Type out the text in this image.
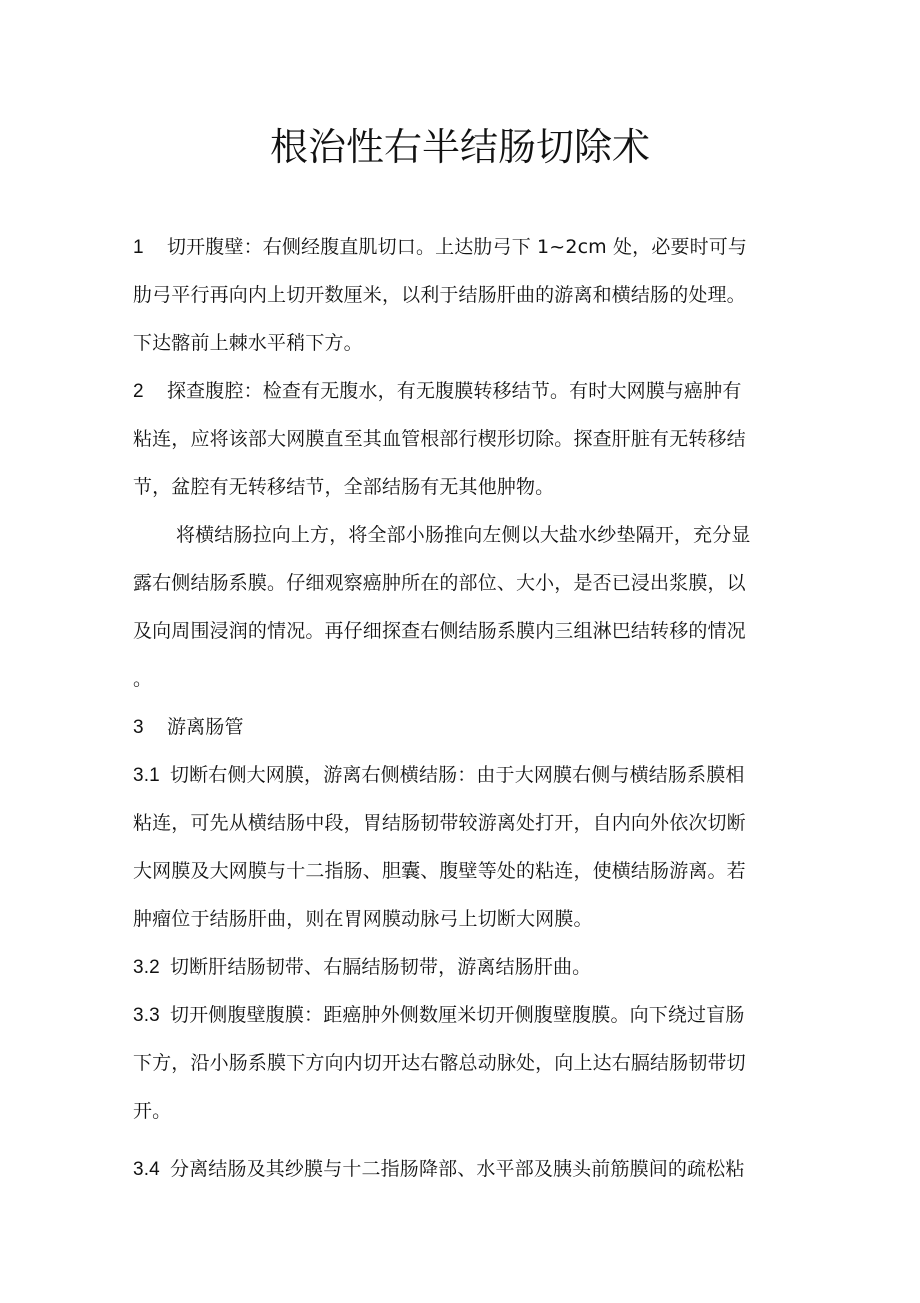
根治性右半结肠切除术
1 切开腹壁：右侧经腹直肌切口。上达肋弓下 1~2cm 处，必要时可与
肋弓平行再向内上切开数厘米，以利于结肠肝曲的游离和横结肠的处理。
下达髂前上棘水平稍下方。
2 探查腹腔：检查有无腹水，有无腹膜转移结节。有时大网膜与癌肿有
粘连，应将该部大网膜直至其血管根部行楔形切除。探查肝脏有无转移结
节，盆腔有无转移结节，全部结肠有无其他肿物。
将横结肠拉向上方，将全部小肠推向左侧以大盐水纱垫隔开，充分显
露右侧结肠系膜。仔细观察癌肿所在的部位、大小，是否已浸出浆膜，以
及向周围浸润的情况。再仔细探查右侧结肠系膜内三组淋巴结转移的情况
。
3 游离肠管
3.1 切断右侧大网膜，游离右侧横结肠：由于大网膜右侧与横结肠系膜相
粘连，可先从横结肠中段，胃结肠韧带较游离处打开，自内向外依次切断
大网膜及大网膜与十二指肠、胆囊、腹壁等处的粘连，使横结肠游离。若
肿瘤位于结肠肝曲，则在胃网膜动脉弓上切断大网膜。
3.2 切断肝结肠韧带、右膈结肠韧带，游离结肠肝曲。
3.3 切开侧腹壁腹膜：距癌肿外侧数厘米切开侧腹壁腹膜。向下绕过盲肠
下方，沿小肠系膜下方向内切开达右髂总动脉处，向上达右膈结肠韧带切
开。
3.4 分离结肠及其纱膜与十二指肠降部、水平部及胰头前筋膜间的疏松粘
